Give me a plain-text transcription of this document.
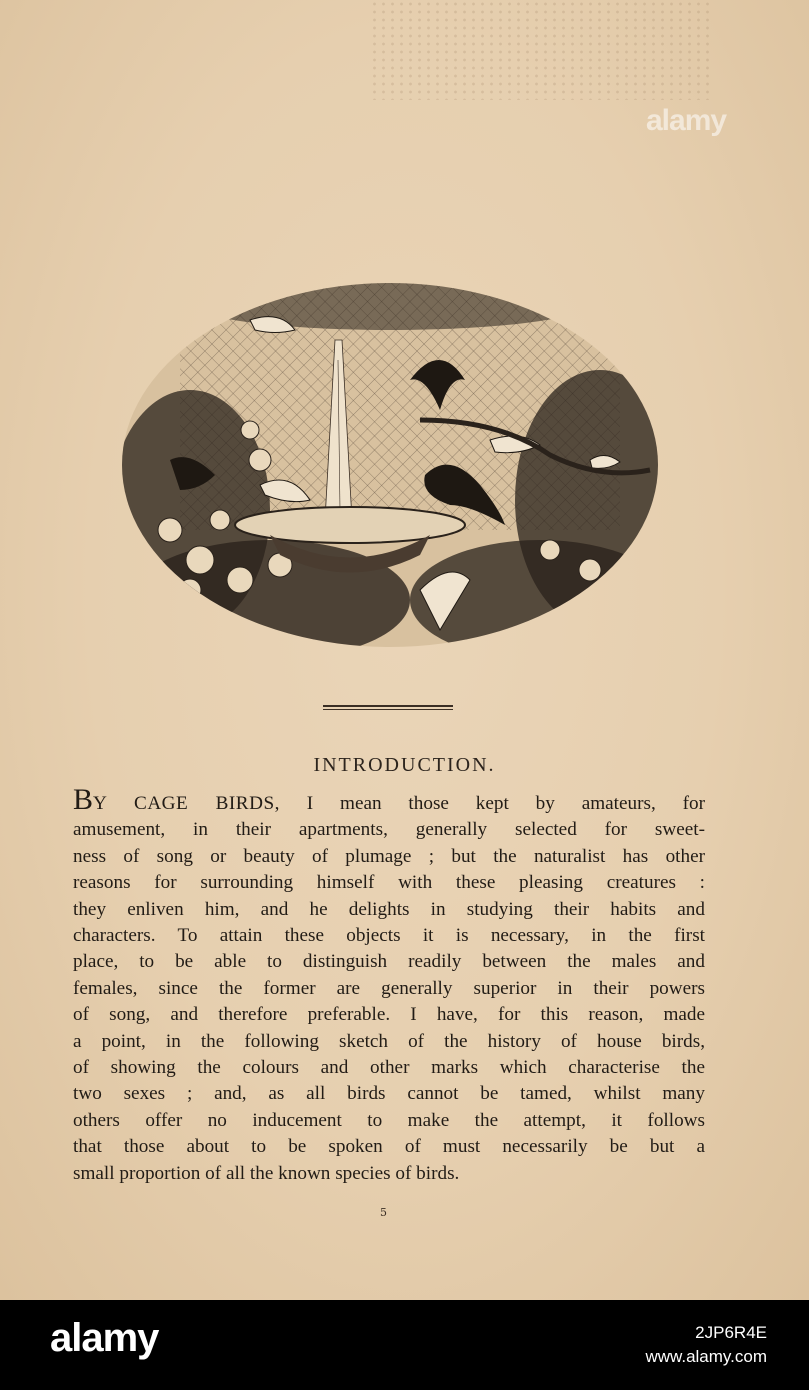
alamy
INTRODUCTION.
BY CAGE BIRDS, I mean those kept by amateurs, for
amusement, in their apartments, generally selected for sweet-
ness of song or beauty of plumage ; but the naturalist has other
reasons for surrounding himself with these pleasing creatures :
they enliven him, and he delights in studying their habits and
characters. To attain these objects it is necessary, in the first
place, to be able to distinguish readily between the males and
females, since the former are generally superior in their powers
of song, and therefore preferable. I have, for this reason, made
a point, in the following sketch of the history of house birds,
of showing the colours and other marks which characterise the
two sexes ; and, as all birds cannot be tamed, whilst many
others offer no inducement to make the attempt, it follows
that those about to be spoken of must necessarily be but a
small proportion of all the known species of birds.
5
alamy	2JP6R4E
www.alamy.com
